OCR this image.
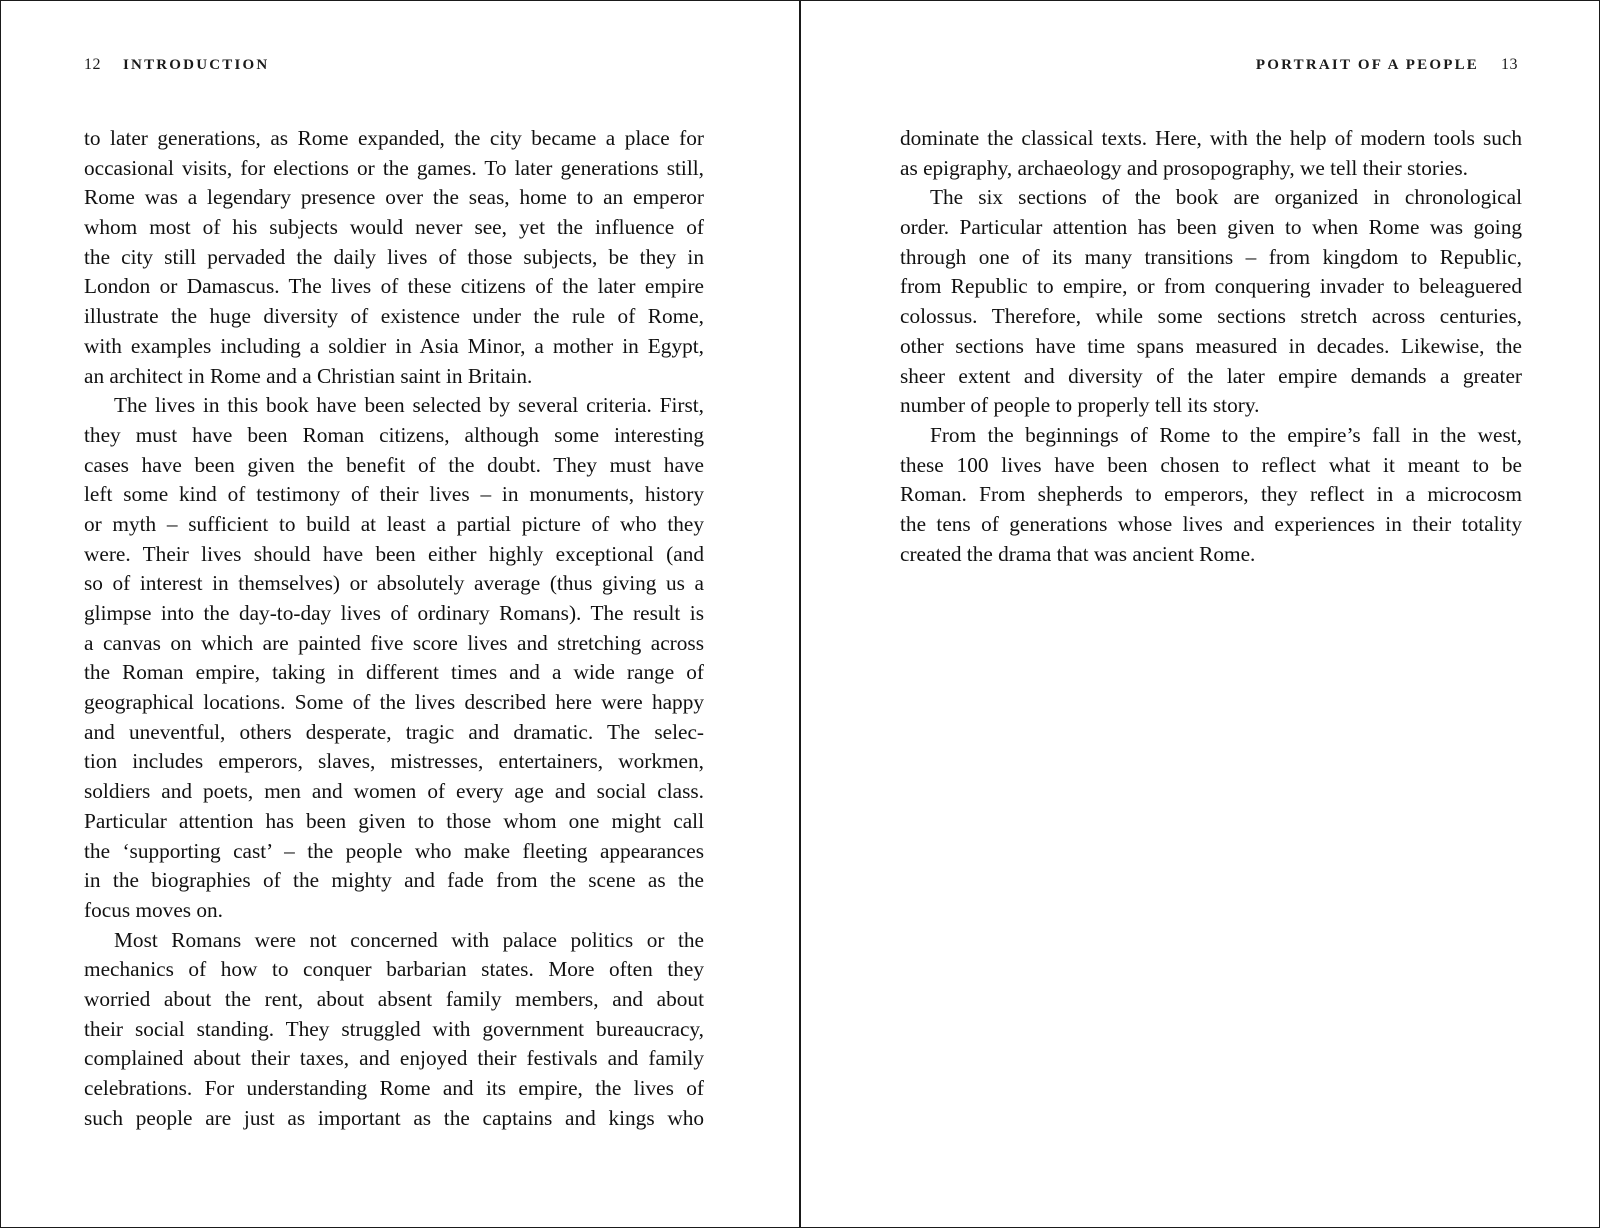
12 INTRODUCTION
to later generations, as Rome expanded, the city became a place for
occasional visits, for elections or the games. To later generations still,
Rome was a legendary presence over the seas, home to an emperor
whom most of his subjects would never see, yet the influence of
the city still pervaded the daily lives of those subjects, be they in
London or Damascus. The lives of these citizens of the later empire
illustrate the huge diversity of existence under the rule of Rome,
with examples including a soldier in Asia Minor, a mother in Egypt,
an architect in Rome and a Christian saint in Britain.
The lives in this book have been selected by several criteria. First,
they must have been Roman citizens, although some interesting
cases have been given the benefit of the doubt. They must have
left some kind of testimony of their lives – in monuments, history
or myth – sufficient to build at least a partial picture of who they
were. Their lives should have been either highly exceptional (and
so of interest in themselves) or absolutely average (thus giving us a
glimpse into the day-to-day lives of ordinary Romans). The result is
a canvas on which are painted five score lives and stretching across
the Roman empire, taking in different times and a wide range of
geographical locations. Some of the lives described here were happy
and uneventful, others desperate, tragic and dramatic. The selec-
tion includes emperors, slaves, mistresses, entertainers, workmen,
soldiers and poets, men and women of every age and social class.
Particular attention has been given to those whom one might call
the ‘supporting cast’ – the people who make fleeting appearances
in the biographies of the mighty and fade from the scene as the
focus moves on.
Most Romans were not concerned with palace politics or the
mechanics of how to conquer barbarian states. More often they
worried about the rent, about absent family members, and about
their social standing. They struggled with government bureaucracy,
complained about their taxes, and enjoyed their festivals and family
celebrations. For understanding Rome and its empire, the lives of
such people are just as important as the captains and kings who
PORTRAIT OF A PEOPLE 13
dominate the classical texts. Here, with the help of modern tools such
as epigraphy, archaeology and prosopography, we tell their stories.
The six sections of the book are organized in chronological
order. Particular attention has been given to when Rome was going
through one of its many transitions – from kingdom to Republic,
from Republic to empire, or from conquering invader to beleaguered
colossus. Therefore, while some sections stretch across centuries,
other sections have time spans measured in decades. Likewise, the
sheer extent and diversity of the later empire demands a greater
number of people to properly tell its story.
From the beginnings of Rome to the empire’s fall in the west,
these 100 lives have been chosen to reflect what it meant to be
Roman. From shepherds to emperors, they reflect in a microcosm
the tens of generations whose lives and experiences in their totality
created the drama that was ancient Rome.
